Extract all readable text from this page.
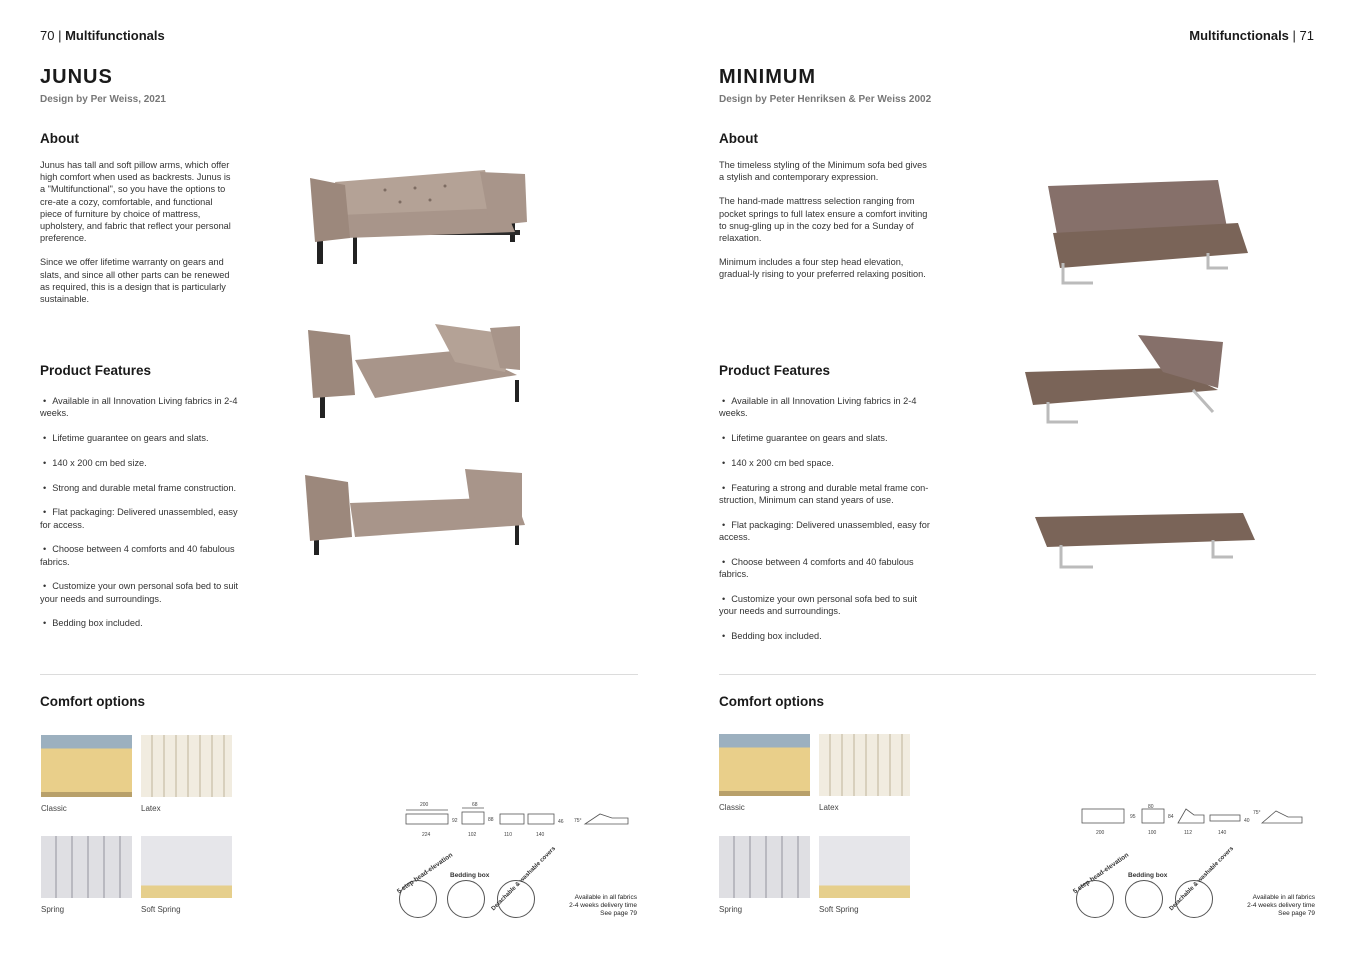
70 | Multifunctionals
JUNUS
Design by Per Weiss, 2021
About

Junus has tall and soft pillow arms, which offer high comfort when used as backrests. Junus is a "Multifunctional", so you have the options to cre-ate a cozy, comfortable, and functional piece of furniture by choice of mattress, upholstery, and fabric that reflect your personal preference.

Since we offer lifetime warranty on gears and slats, and since all other parts can be renewed as required, this is a design that is particularly sustainable.

Product Features
• Available in all Innovation Living fabrics in 2-4 weeks.
• Lifetime guarantee on gears and slats.
• 140 x 200 cm bed size.
• Strong and durable metal frame construction.
• Flat packaging: Delivered unassembled, easy for access.
• Choose between 4 comforts and 40 fabulous fabrics.
• Customize your own personal sofa bed to suit your needs and surroundings.
• Bedding box included.
Comfort options
Classic	Latex
Spring	Soft Spring
200
92
224
68
102
88
110	140
46 75°
5 step head-elevation
Bedding box Detachable & washable covers	Available in all fabrics
2-4 weeks delivery time
See page 79
Multifunctionals | 71
MINIMUM
Design by Peter Henriksen & Per Weiss 2002
About

The timeless styling of the Minimum sofa bed gives a stylish and contemporary expression.

The hand-made mattress selection ranging from pocket springs to full latex ensure a comfort inviting to snug-gling up in the cozy bed for a Sunday of relaxation.

Minimum includes a four step head elevation, gradual-ly rising to your preferred relaxing position.

Product Features
• Available in all Innovation Living fabrics in 2-4 weeks.
• Lifetime guarantee on gears and slats.
• 140 x 200 cm bed space.
• Featuring a strong and durable metal frame con-struction, Minimum can stand years of use.
• Flat packaging: Delivered unassembled, easy for access.
• Choose between 4 comforts and 40 fabulous fabrics.
• Customize your own personal sofa bed to suit your needs and surroundings.
• Bedding box included.
Comfort options
Classic	Latex
Spring	Soft Spring
200
95
100
80
84
112	140
40
75°
5 step head-elevation
Bedding box Detachable & washable covers	Available in all fabrics
2-4 weeks delivery time
See page 79
